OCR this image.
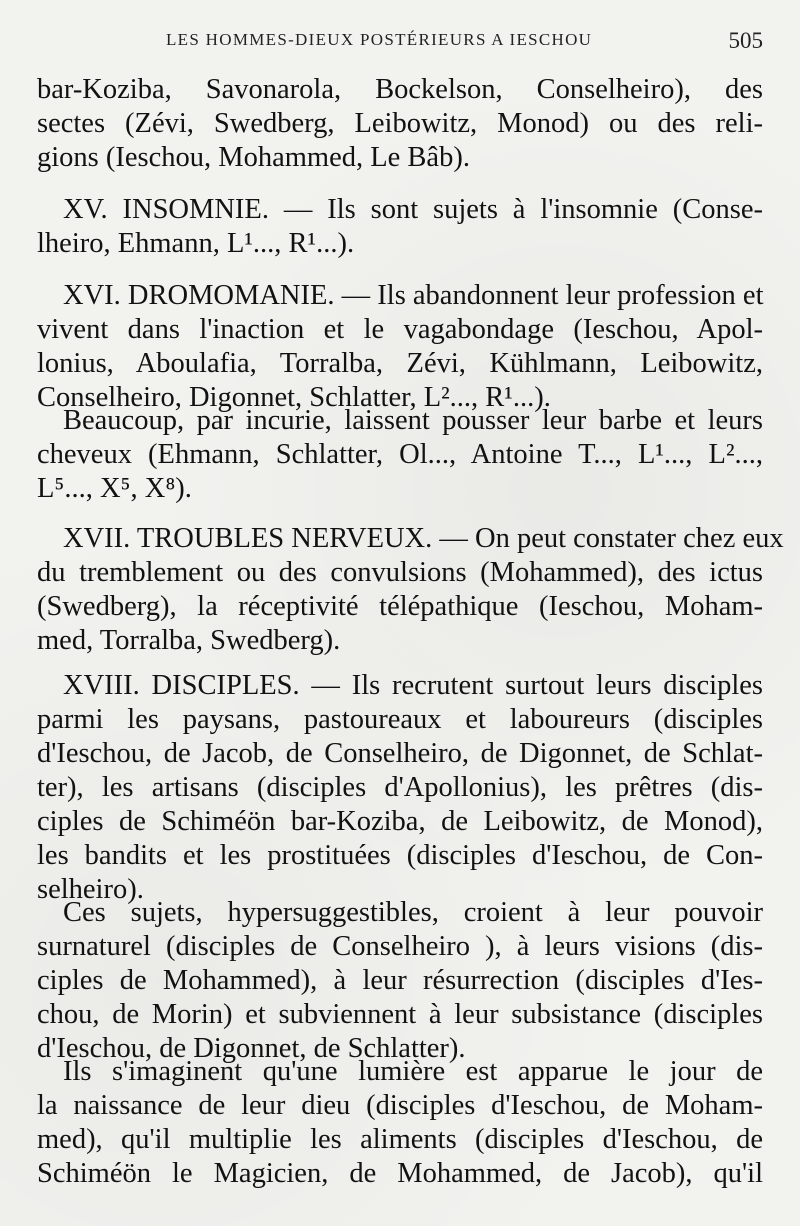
LES HOMMES-DIEUX POSTÉRIEURS A IESCHOU	505
bar-Koziba, Savonarola, Bockelson, Conselheiro), des
sectes (Zévi, Swedberg, Leibowitz, Monod) ou des reli-
gions (Ieschou, Mohammed, Le Bâb).
XV. INSOMNIE. — Ils sont sujets à l'insomnie (Conse-
lheiro, Ehmann, L¹..., R¹...).
XVI. DROMOMANIE. — Ils abandonnent leur profession et
vivent dans l'inaction et le vagabondage (Ieschou, Apol-
lonius, Aboulafia, Torralba, Zévi, Kühlmann, Leibowitz,
Conselheiro, Digonnet, Schlatter, L²..., R¹...).
Beaucoup, par incurie, laissent pousser leur barbe et leurs
cheveux (Ehmann, Schlatter, Ol..., Antoine T..., L¹..., L²...,
L⁵..., X⁵, X⁸).
XVII. TROUBLES NERVEUX. — On peut constater chez eux
du tremblement ou des convulsions (Mohammed), des ictus
(Swedberg), la réceptivité télépathique (Ieschou, Moham-
med, Torralba, Swedberg).
XVIII. DISCIPLES. — Ils recrutent surtout leurs disciples
parmi les paysans, pastoureaux et laboureurs (disciples
d'Ieschou, de Jacob, de Conselheiro, de Digonnet, de Schlat-
ter), les artisans (disciples d'Apollonius), les prêtres (dis-
ciples de Schiméön bar-Koziba, de Leibowitz, de Monod),
les bandits et les prostituées (disciples d'Ieschou, de Con-
selheiro).
Ces sujets, hypersuggestibles, croient à leur pouvoir
surnaturel (disciples de Conselheiro ), à leurs visions (dis-
ciples de Mohammed), à leur résurrection (disciples d'Ies-
chou, de Morin) et subviennent à leur subsistance (disciples
d'Ieschou, de Digonnet, de Schlatter).
Ils s'imaginent qu'une lumière est apparue le jour de
la naissance de leur dieu (disciples d'Ieschou, de Moham-
med), qu'il multiplie les aliments (disciples d'Ieschou, de
Schiméön le Magicien, de Mohammed, de Jacob), qu'il
